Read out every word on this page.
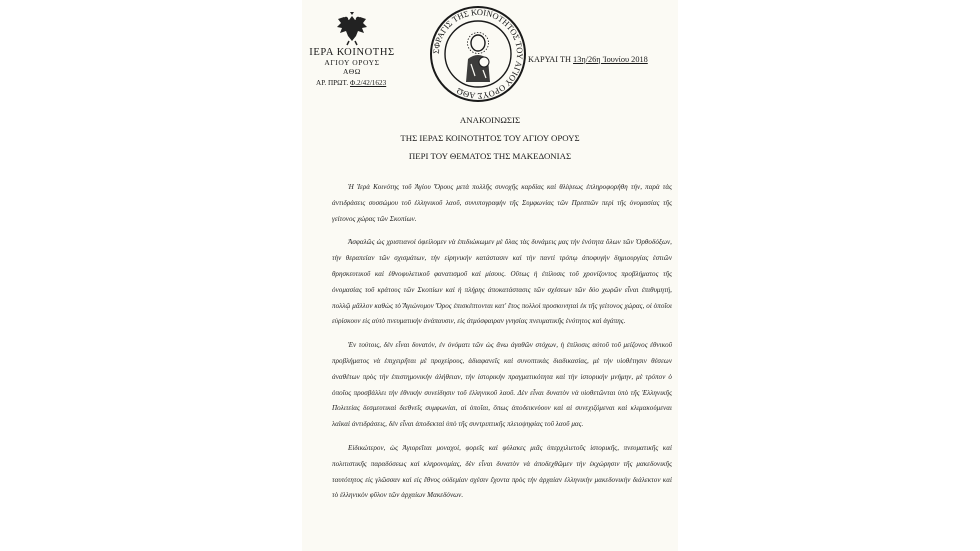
ΙΕΡΑ ΚΟΙΝΟΤΗΣ
ΑΓΙΟΥ ΟΡΟΥΣ
ΑΘΩ
ΑΡ. ΠΡΩΤ. Φ.2/42/1623
ΣΦΡΑΓΙΣ ΤΗΣ ΚΟΙΝΟΤΗΤΟΣ ΤΟΥ ΑΓΙΟΥ ΟΡΟΥΣ ΑΘΩ
ΚΑΡΥΑΙ ΤΗ 13η/26η Ἰουνίου 2018
ΑΝΑΚΟΙΝΩΣΙΣ
ΤΗΣ ΙΕΡΑΣ ΚΟΙΝΟΤΗΤΟΣ ΤΟΥ ΑΓΙΟΥ ΟΡΟΥΣ
ΠΕΡΙ ΤΟΥ ΘΕΜΑΤΟΣ ΤΗΣ ΜΑΚΕΔΟΝΙΑΣ

Ἡ Ἱερὰ Κοινότης τοῦ Ἁγίου Ὄρους μετὰ πολλῆς συνοχῆς καρδίας καὶ θλίψεως ἐπληροφορήθη τήν, παρὰ τὰς ἀντιδράσεις συσσώμου τοῦ ἑλληνικοῦ λαοῦ, συνυπογραφὴν τῆς Συμφωνίας τῶν Πρεσπῶν περὶ τῆς ὀνομασίας τῆς γείτονος χώρας τῶν Σκοπίων.

Ἀσφαλῶς ὡς χριστιανοὶ ὀφείλομεν νὰ ἐπιδιώκωμεν μὲ ὅλας τὰς δυνάμεις μας τὴν ἑνότητα ὅλων τῶν Ὀρθοδόξων, τὴν θεραπείαν τῶν σχισμάτων, τὴν εἰρηνικὴν κατάστασιν καὶ τὴν παντὶ τρόπῳ ἀποφυγὴν δημιουργίας ἑστιῶν θρησκευτικοῦ καὶ ἐθνοφυλετικοῦ φανατισμοῦ καὶ μίσους. Οὕτως ἡ ἐπίλυσις τοῦ χρονίζοντος προβλήματος τῆς ὀνομασίας τοῦ κράτους τῶν Σκοπίων καὶ ἡ πλήρης ἀποκατάστασις τῶν σχέσεων τῶν δύο χωρῶν εἶναι ἐπιθυμητή, πολλῷ μᾶλλον καθὼς τὸ Ἅγιώνυμον Ὄρος ἐπισκέπτονται κατ' ἔτος πολλοὶ προσκυνηταὶ ἐκ τῆς γείτονος χώρας, οἱ ὁποῖοι εὑρίσκουν εἰς αὐτὸ πνευματικὴν ἀνάπαυσιν, εἰς ἀτμόσφαιραν γνησίας πνευματικῆς ἑνότητος καὶ ἀγάπης.

Ἐν τούτοις, δὲν εἶναι δυνατόν, ἐν ὀνόματι τῶν ὡς ἄνω ἀγαθῶν στόχων, ἡ ἐπίλυσις αὐτοῦ τοῦ μείζονος ἐθνικοῦ προβλήματος νὰ ἐπιχειρῆται μὲ προχείρους, ἀδιαφανεῖς καὶ συνοπτικὰς διαδικασίας, μὲ τὴν υἱοθέτησιν θέσεων ἀναθέτων πρὸς τὴν ἐπιστημονικὴν ἀλήθειαν, τὴν ἱστορικὴν πραγματικότητα καὶ τὴν ἱστορικὴν μνήμην, μὲ τρόπον ὁ ὁποῖος προσβάλλει τὴν ἐθνικὴν συνείδησιν τοῦ ἑλληνικοῦ λαοῦ. Δὲν εἶναι δυνατὸν νὰ υἱοθετῶνται ὑπὸ τῆς Ἑλληνικῆς Πολιτείας δεσμευτικαὶ διεθνεῖς συμφωνίαι, αἱ ὁποῖαι, ὅπως ἀποδεικνύουν καὶ αἱ συνεχιζόμεναι καὶ κλιμακούμεναι λαϊκαὶ ἀντιδράσεις, δὲν εἶναι ἀποδεκταὶ ὑπὸ τῆς συντριπτικῆς πλειοψηφίας τοῦ λαοῦ μας.

Εἰδικώτερον, ὡς Ἁγιορεῖται μοναχοί, φορεῖς καὶ φύλακες μιᾶς ὑπερχιλιετοῦς ἱστορικῆς, πνευματικῆς καὶ πολιτιστικῆς παραδόσεως καὶ κληρονομίας, δὲν εἶναι δυνατὸν νὰ ἀποδεχθῶμεν τὴν ἐκχώρησιν τῆς μακεδονικῆς ταυτότητος εἰς γλῶσσαν καὶ εἰς ἔθνος οὐδεμίαν σχέσιν ἔχοντα πρὸς τὴν ἀρχαίαν ἑλληνικὴν μακεδονικὴν διάλεκτον καὶ τὸ ἑλληνικὸν φῦλον τῶν ἀρχαίων Μακεδόνων.
